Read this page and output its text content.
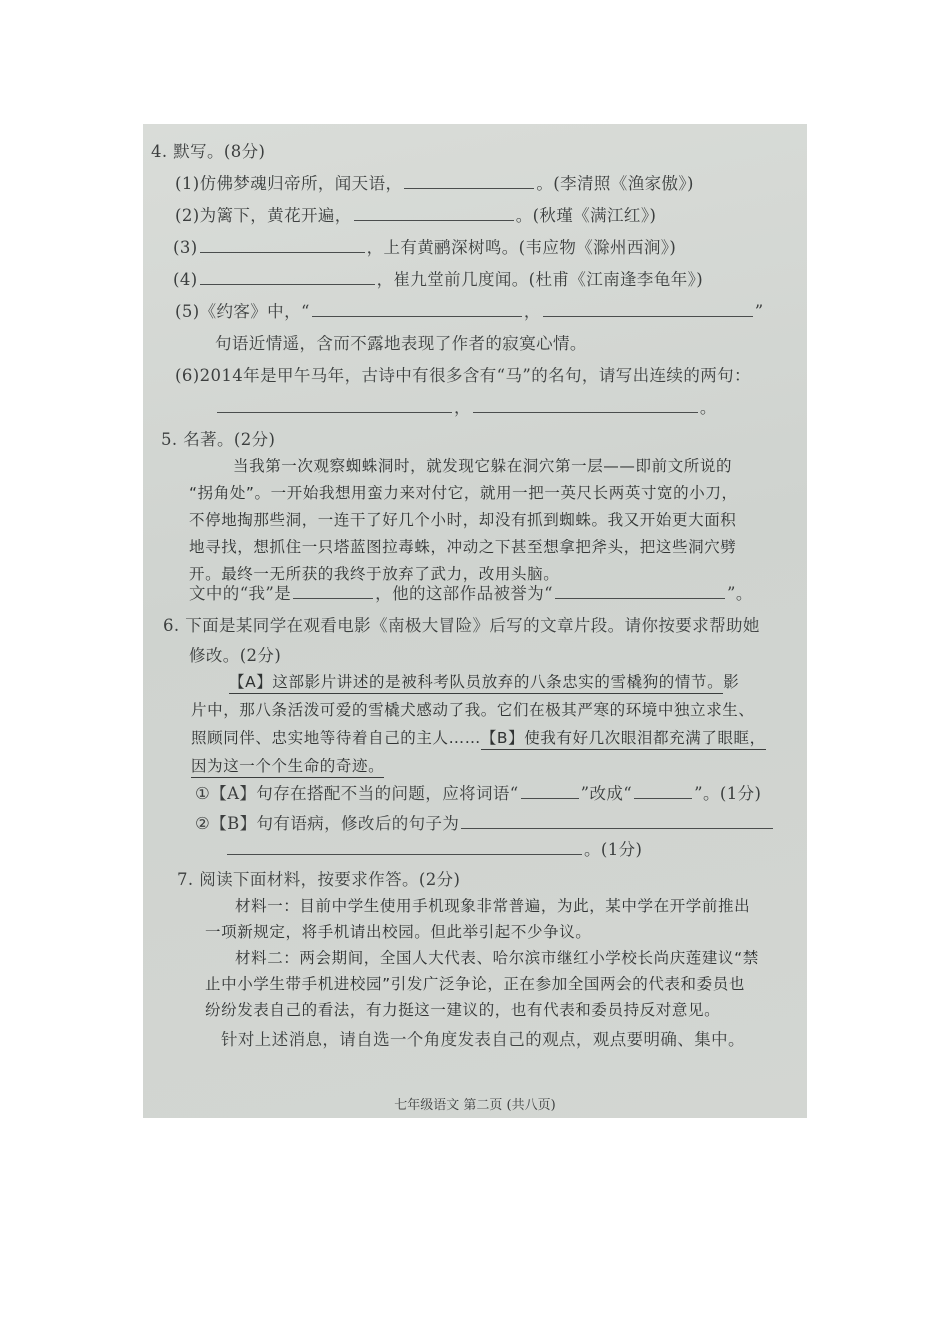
4. 默写。(8分)
(1)仿佛梦魂归帝所，闻天语，	。(李清照《渔家傲》)
(2)为篱下，黄花开遍，	。(秋瑾《满江红》)
(3)	，上有黄鹂深树鸣。(韦应物《滁州西涧》)
(4)	，崔九堂前几度闻。(杜甫《江南逢李龟年》)
(5)《约客》中，“	，	”
句语近情遥，含而不露地表现了作者的寂寞心情。
(6)2014年是甲午马年，古诗中有很多含有“马”的名句，请写出连续的两句：
，	。
5. 名著。(2分)
当我第一次观察蜘蛛洞时，就发现它躲在洞穴第一层——即前文所说的
“拐角处”。一开始我想用蛮力来对付它，就用一把一英尺长两英寸宽的小刀，
不停地掏那些洞，一连干了好几个小时，却没有抓到蜘蛛。我又开始更大面积
地寻找，想抓住一只塔蓝图拉毒蛛，冲动之下甚至想拿把斧头，把这些洞穴劈
开。最终一无所获的我终于放弃了武力，改用头脑。
文中的“我”是	，他的这部作品被誉为“	”。
6. 下面是某同学在观看电影《南极大冒险》后写的文章片段。请你按要求帮助她
修改。(2分)
【A】这部影片讲述的是被科考队员放弃的八条忠实的雪橇狗的情节。影
片中，那八条活泼可爱的雪橇犬感动了我。它们在极其严寒的环境中独立求生、
照顾同伴、忠实地等待着自己的主人……【B】使我有好几次眼泪都充满了眼眶，
因为这一个个生命的奇迹。
①【A】句存在搭配不当的问题，应将词语“	”改成“	”。(1分)
②【B】句有语病，修改后的句子为
。(1分)
7. 阅读下面材料，按要求作答。(2分)
材料一：目前中学生使用手机现象非常普遍，为此，某中学在开学前推出
一项新规定，将手机请出校园。但此举引起不少争议。
材料二：两会期间，全国人大代表、哈尔滨市继红小学校长尚庆莲建议“禁
止中小学生带手机进校园”引发广泛争论，正在参加全国两会的代表和委员也
纷纷发表自己的看法，有力挺这一建议的，也有代表和委员持反对意见。
针对上述消息，请自选一个角度发表自己的观点，观点要明确、集中。
七年级语文 第二页 (共八页)
